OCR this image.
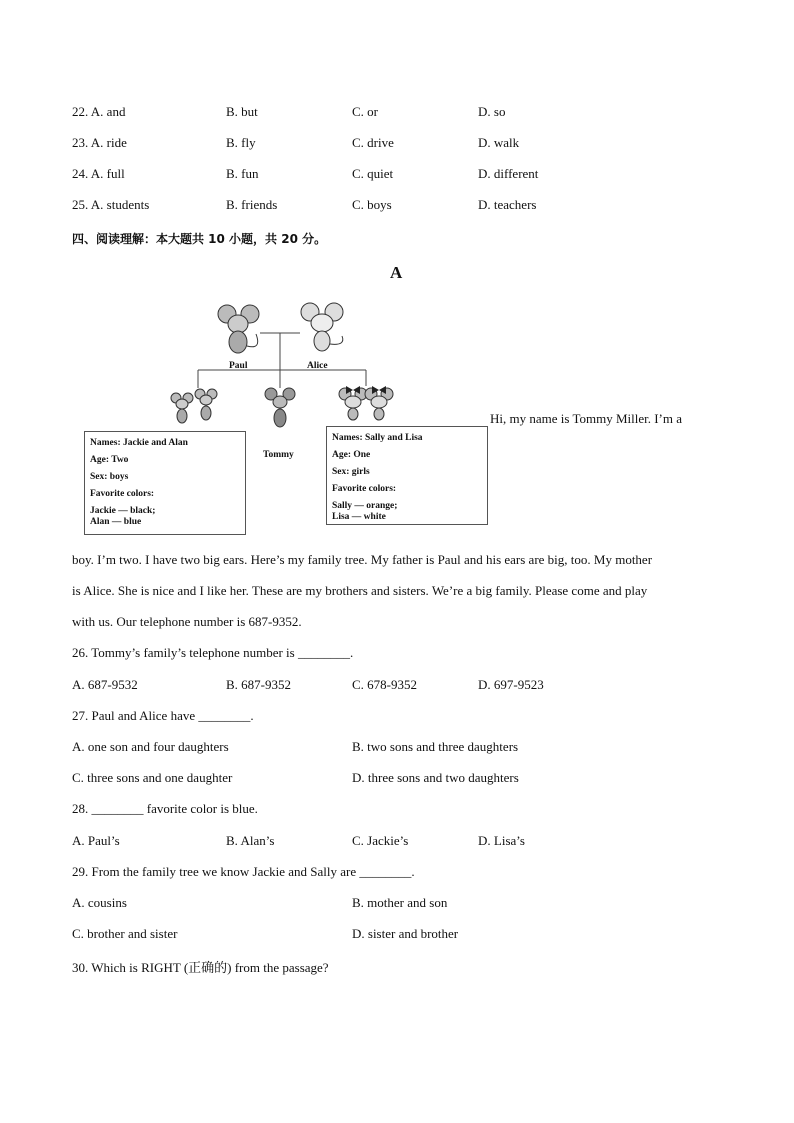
22. A. and	B. but	C. or	D. so
23. A. ride	B. fly	C. drive	D. walk
24. A. full	B. fun	C. quiet	D. different
25. A. students	B. friends	C. boys	D. teachers
四、阅读理解：本大题共 10 小题，共 20 分。
A
Paul	Alice
Tommy
Names: Jackie and Alan
Age: Two
Sex: boys
Favorite colors:
Jackie — black;
Alan — blue
Names: Sally and Lisa
Age: One
Sex: girls
Favorite colors:
Sally — orange;
Lisa — white
Hi, my name is Tommy Miller. I’m a
boy. I’m two. I have two big ears. Here’s my family tree. My father is Paul and his ears are big, too. My mother
is Alice. She is nice and I like her. These are my brothers and sisters. We’re a big family. Please come and play
with us. Our telephone number is 687-9352.
26. Tommy’s family’s telephone number is ________.
A. 687-9532	B. 687-9352	C. 678-9352	D. 697-9523
27. Paul and Alice have ________.
A. one son and four daughters	B. two sons and three daughters
C. three sons and one daughter	D. three sons and two daughters
28. ________ favorite color is blue.
A. Paul’s	B. Alan’s	C. Jackie’s	D. Lisa’s
29. From the family tree we know Jackie and Sally are ________.
A. cousins	B. mother and son
C. brother and sister	D. sister and brother
30. Which is RIGHT (正确的) from the passage?
